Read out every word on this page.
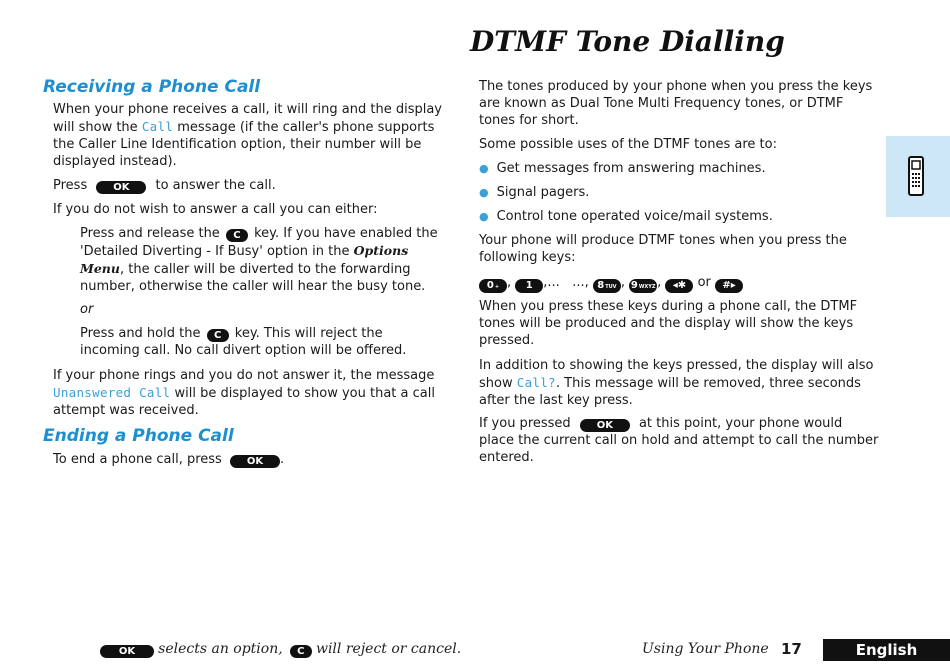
DTMF Tone Dialling
Receiving a Phone Call

When your phone receives a call, it will ring and the display will show the Call message (if the caller's phone supports the Caller Line Identification option, their number will be displayed instead).

Press	OK to answer the call.

If you do not wish to answer a call you can either:

Press and release the C key. If you have enabled the 'Detailed Diverting - If Busy' option in the Options Menu, the caller will be diverted to the forwarding number, otherwise the caller will hear the busy tone.

or

Press and hold the C key. This will reject the incoming call. No call divert option will be offered.

If your phone rings and you do not answer it, the message Unanswered Call will be displayed to show you that a call attempt was received.

Ending a Phone Call

To end a phone call, press	OK .

The tones produced by your phone when you press the keys are known as Dual Tone Multi Frequency tones, or DTMF tones for short.

Some possible uses of the DTMF tones are to:

● Get messages from answering machines.
● Signal pagers.
● Control tone operated voice/mail systems.

Your phone will produce DTMF tones when you press the following keys:

0+ , 1 ,...   ..., 8TUV , 9WXYZ , ◂✱ or #▸

When you press these keys during a phone call, the DTMF tones will be produced and the display will show the keys pressed.

In addition to showing the keys pressed, the display will also show Call?. This message will be removed, three seconds after the last key press.

If you pressed	OK at this point, your phone would place the current call on hold and attempt to call the number entered.

OK selects an option, C will reject or cancel.	Using Your Phone 17	English
